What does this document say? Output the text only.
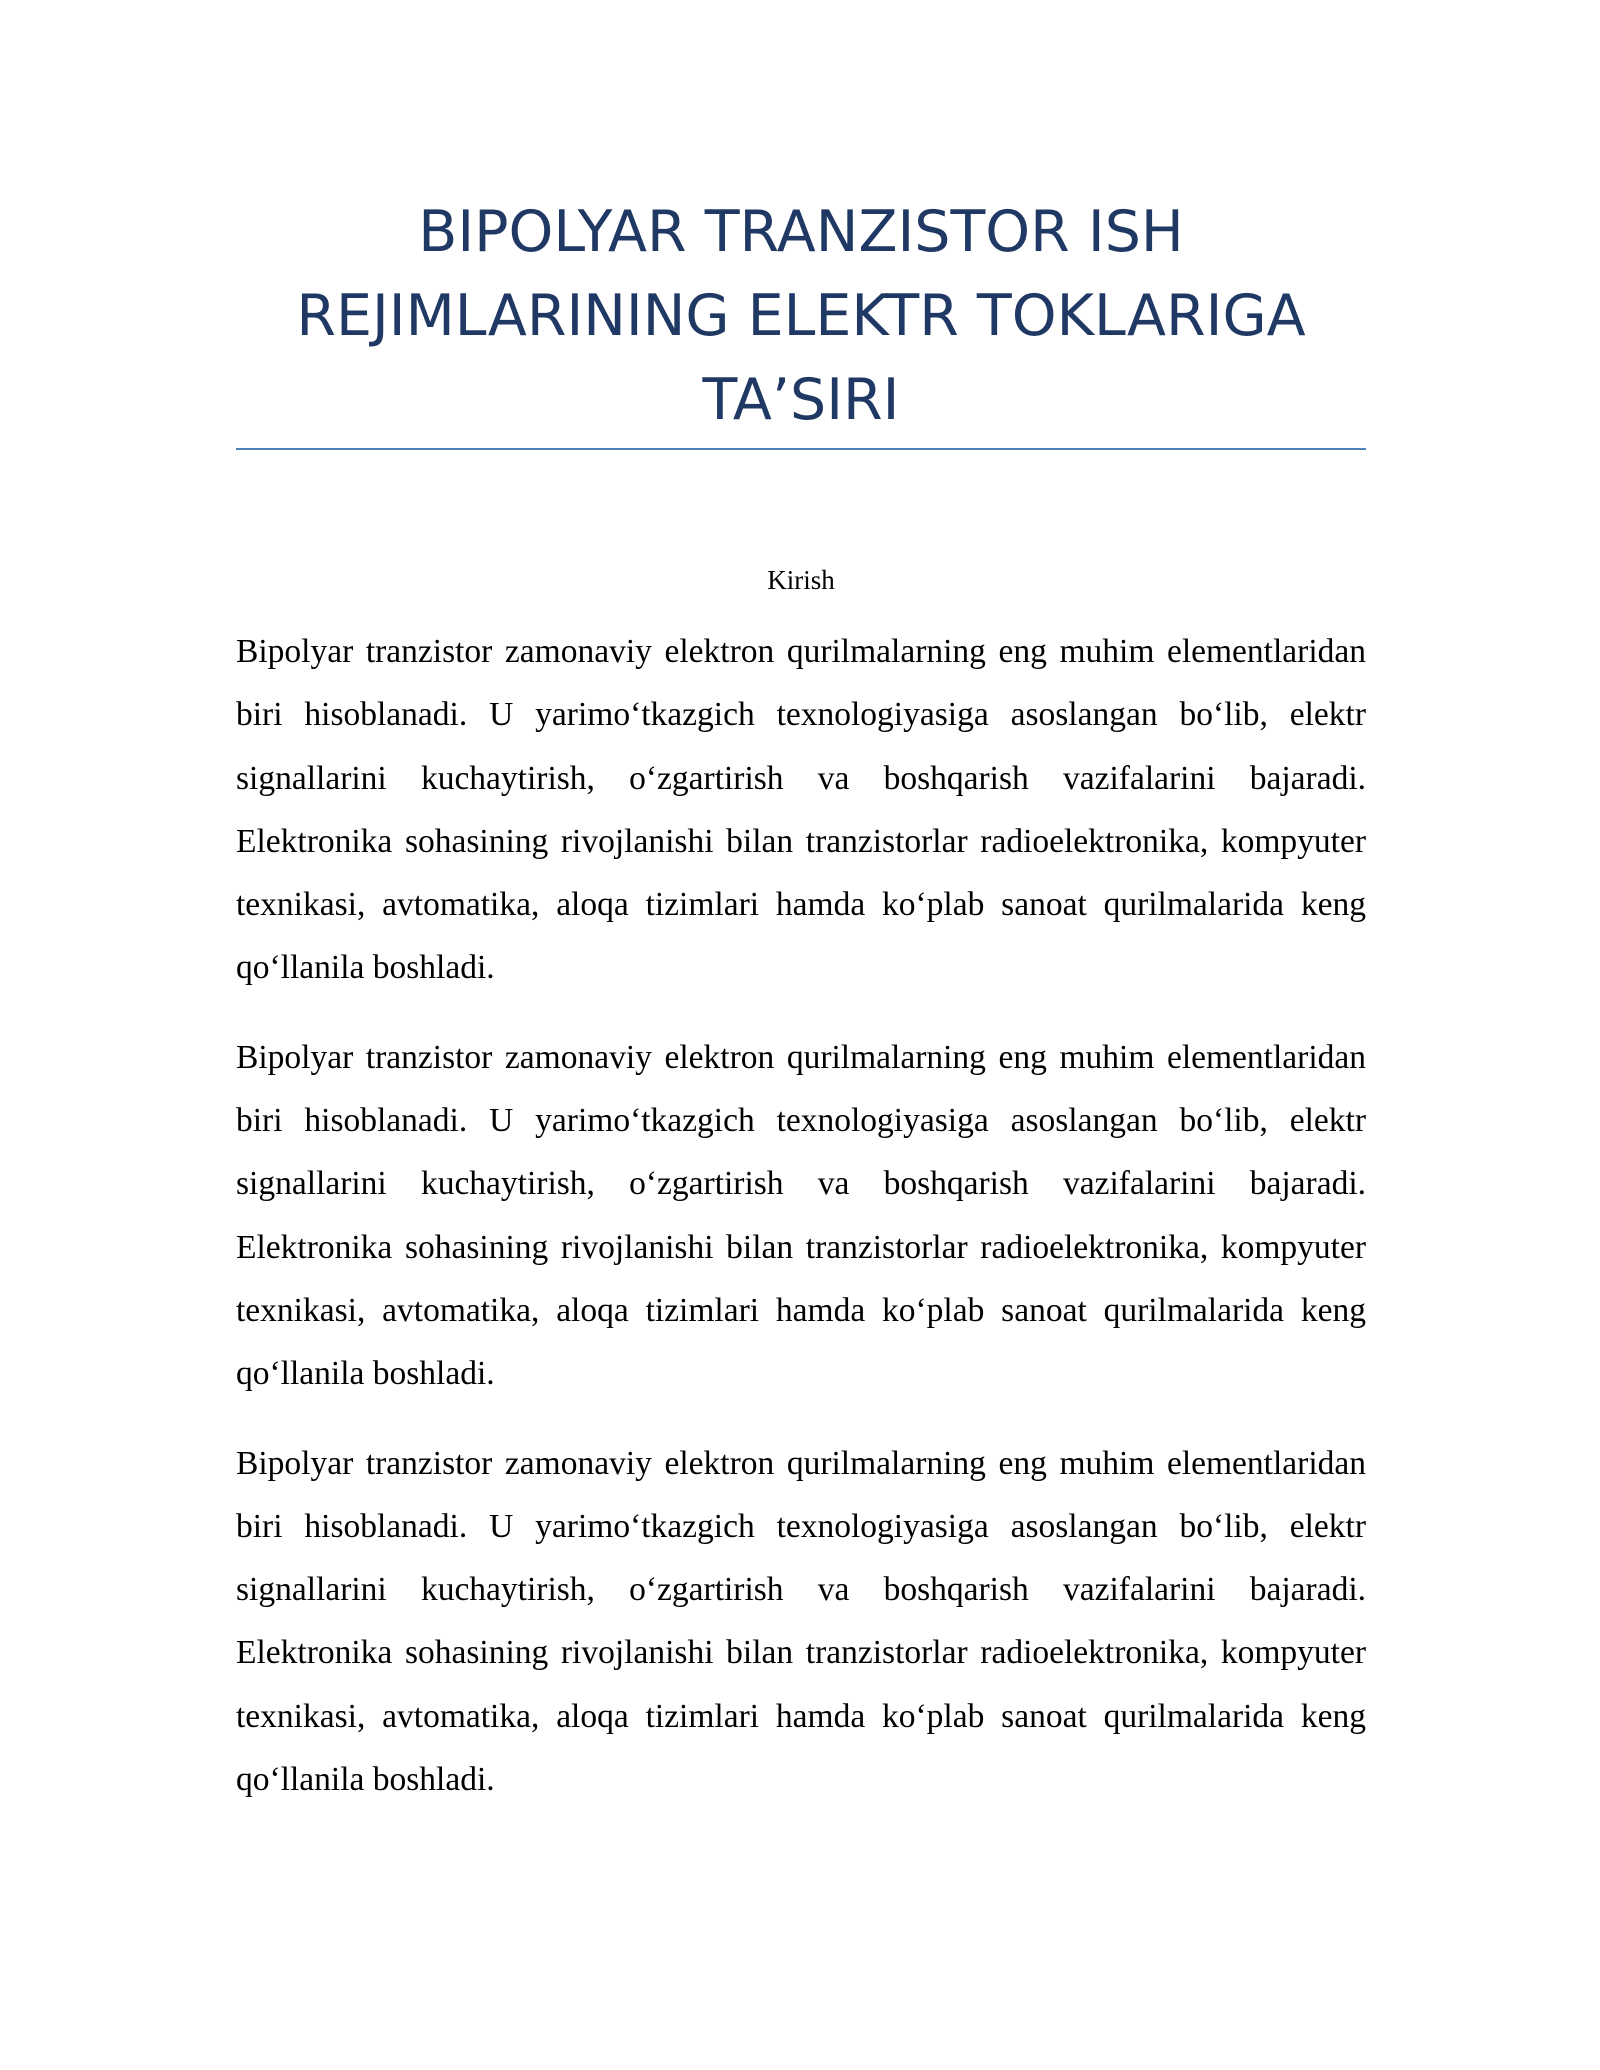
BIPOLYAR TRANZISTOR ISH REJIMLARINING ELEKTR TOKLARIGA TA’SIRI
Kirish

Bipolyar tranzistor zamonaviy elektron qurilmalarning eng muhim elementlaridan biri hisoblanadi. U yarimo‘tkazgich texnologiyasiga asoslangan bo‘lib, elektr signallarini kuchaytirish, o‘zgartirish va boshqarish vazifalarini bajaradi. Elektronika sohasining rivojlanishi bilan tranzistorlar radioelektronika, kompyuter texnikasi, avtomatika, aloqa tizimlari hamda ko‘plab sanoat qurilmalarida keng qo‘llanila boshladi.

Bipolyar tranzistor zamonaviy elektron qurilmalarning eng muhim elementlaridan biri hisoblanadi. U yarimo‘tkazgich texnologiyasiga asoslangan bo‘lib, elektr signallarini kuchaytirish, o‘zgartirish va boshqarish vazifalarini bajaradi. Elektronika sohasining rivojlanishi bilan tranzistorlar radioelektronika, kompyuter texnikasi, avtomatika, aloqa tizimlari hamda ko‘plab sanoat qurilmalarida keng qo‘llanila boshladi.

Bipolyar tranzistor zamonaviy elektron qurilmalarning eng muhim elementlaridan biri hisoblanadi. U yarimo‘tkazgich texnologiyasiga asoslangan bo‘lib, elektr signallarini kuchaytirish, o‘zgartirish va boshqarish vazifalarini bajaradi. Elektronika sohasining rivojlanishi bilan tranzistorlar radioelektronika, kompyuter texnikasi, avtomatika, aloqa tizimlari hamda ko‘plab sanoat qurilmalarida keng qo‘llanila boshladi.
